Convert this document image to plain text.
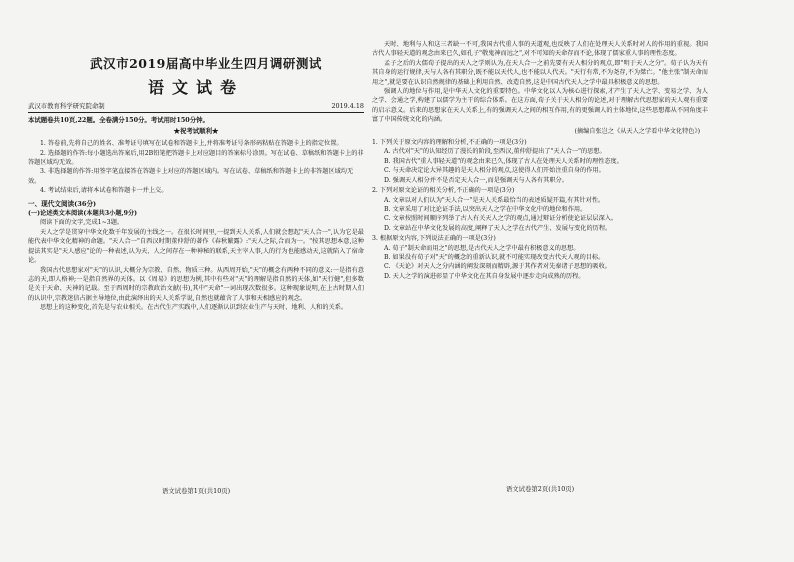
武汉市2019届高中毕业生四月调研测试
语文试卷
武汉市教育科学研究院命制	2019.4.18

本试题卷共10页,22题。全卷满分150分。考试用时150分钟。

★祝考试顺利★

1. 答卷前,先将自己的姓名、准考证号填写在试卷和答题卡上,并将准考证号条形码粘贴在答题卡上的指定位置。

2. 选择题的作答:每小题选出答案后,用2B铅笔把答题卡上对应题目的答案标号涂黑。写在试卷、草稿纸和答题卡上的非答题区域均无效。

3. 非选择题的作答:用签字笔直接答在答题卡上对应的答题区域内。写在试卷、草稿纸和答题卡上的非答题区域均无效。

4. 考试结束后,请将本试卷和答题卡一并上交。

一、现代文阅读(36分)

(一)论述类文本阅读(本题共3小题,9分)

阅读下面的文字,完成1~3题。

天人之学是贯穿中华文化数千年发展的主线之一。在很长时间里,一提到天人关系,人们就会想起"天人合一",认为它是最能代表中华文化精神的命题。"天人合一"自西汉时期董仲舒的著作《春秋繁露》:"天人之际,合而为一。"按其思想本意,这种提法其实是"天人感应"论的一种表述,认为天、人之间存在一种神秘的联系,天主宰人事,人的行为也能感动天,这就陷入了宿命论。

我国古代思想家对"天"的认识,大概分为宗教、自然、物质三种。从西周开始,"天"的概念有两种不同的意义:一是指有意志的天,即人格神;一是指自然界的天体。以《周易》的思想为例,其中有些对"天"的理解是指自然的天体,如"天行健",但多数是关于天命、天神的记载。至于西周时的宗教政治文献(书),其中"天命"一词出现次数很多。这种现象说明,在上古时期人们的认识中,宗教迷信占据主导地位,由此演绎出的天人关系学说,自然也就蕴含了人事和天相感应的观念。

思想上的这种变化,首先是与农业相关。在古代生产实践中,人们逐渐认识到农业生产与天时、地利、人和的关系。

语文试卷第1页(共10页)

天时、地利与人和这三者缺一不可,我国古代重人事的天道观,也反映了人们在处理天人关系时对人的作用的重视。我国古代人事轻天道的观念由来已久,如孔子"敬鬼神而远之",对不可知的天命存而不论,体现了儒家重人事的理性态度。

孟子之后的大儒荀子提出的天人之学则认为,在天人合一之前先要有天人相分的观点,即"明于天人之分"。荀子认为天有其自身的运行规律,天与人各有其职分,既不能以天代人,也不能以人代天。"天行有常,不为尧存,不为桀亡。"他主张"制天命而用之",就是要在认识自然规律的基础上利用自然、改造自然,这是中国古代天人之学中最具积极意义的思想。

强调人的地位与作用,是中华天人文化的重要特色。中华文化以人为核心进行探索,才产生了天人之学、变易之学、为人之学、会通之学,构建了以儒学为主干的综合体系。在这方面,荀子关于天人相分的论述,对于理解古代思想家的天人观有重要的启示意义。后来的思想家在天人关系上,有的强调天人之间的相互作用,有的更强调人的主体地位,这些思想都从不同角度丰富了中国传统文化的内涵。

(摘编自张岂之《从天人之学看中华文化特色》)

1. 下列关于原文内容的理解和分析,不正确的一项是(3分)

A. 古代对"天"的认知经历了漫长的阶段,至西汉,董仲舒提出了"天人合一"的思想。

B. 我国古代"重人事轻天道"的观念由来已久,体现了古人在处理天人关系时的理性态度。

C. 与天命决定论大异其趣的是天人相分的观点,这使得人们开始注重自身的作用。

D. 强调天人相分并不是否定天人合一,而是强调天与人各有其职分。

2. 下列对原文论证的相关分析,不正确的一项是(3分)

A. 文章以对人们认为"天人合一"是天人关系最恰当的表述质疑开篇,有其针对性。

B. 文章采用了对比论证手法,以突出天人之学在中华文化中的地位和作用。

C. 文章按照时间顺序列举了古人有关天人之学的观点,通过辩证分析使论证层层深入。

D. 文章站在中华文化发展的高度,阐释了天人之学在古代产生、发展与变化的历程。

3. 根据原文内容,下列说法正确的一项是(3分)

A. 荀子"制天命而用之"的思想,是古代天人之学中最有积极意义的思想。

B. 如果没有荀子对"天"的概念的重新认识,就不可能实现改变古代天人观的目标。

C. 《天论》对天人之分内涵的阐发深刻而精辟,源于其作者对先秦诸子思想的吸收。

D. 天人之学的演进彰显了中华文化在其自身发展中逐步走向成熟的历程。

语文试卷第2页(共10页)
